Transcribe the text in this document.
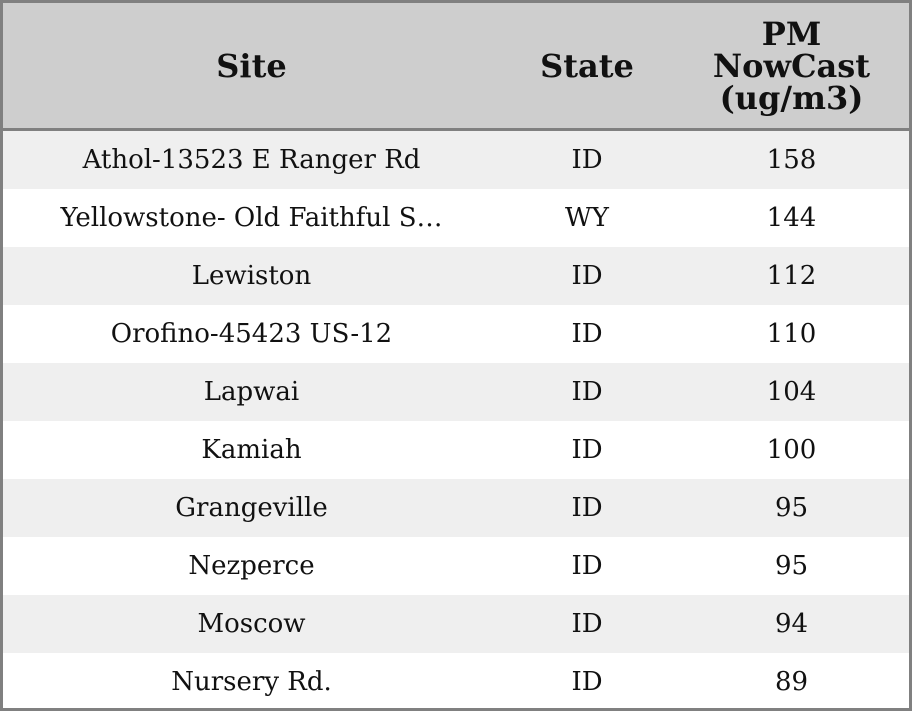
Site	State	PM
NowCast
(ug/m3)

Athol-13523 E Ranger Rd	ID	158
Yellowstone- Old Faithful S…	WY	144
Lewiston	ID	112
Orofino-45423 US-12	ID	110
Lapwai	ID	104
Kamiah	ID	100
Grangeville	ID	95
Nezperce	ID	95
Moscow	ID	94
Nursery Rd.	ID	89
